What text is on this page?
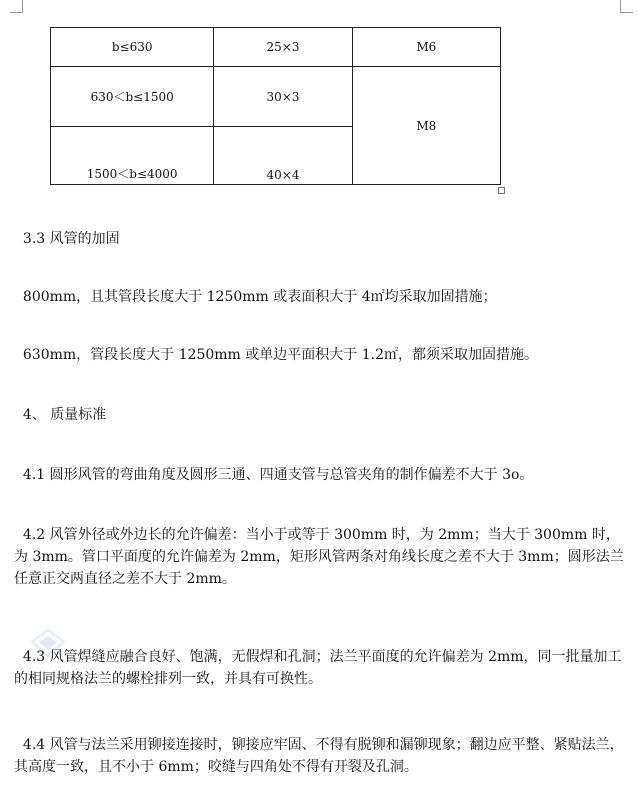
b≤630	25×3	M6
630＜b≤1500	30×3	M8

1500＜b≤4000	40×4	

3.3 风管的加固

800mm，且其管段长度大于 1250mm 或表面积大于 4㎡均采取加固措施；

630mm，管段长度大于 1250mm 或单边平面积大于 1.2㎡，都须采取加固措施。

4、 质量标准

4.1 圆形风管的弯曲角度及圆形三通、四通支管与总管夹角的制作偏差不大于 3o。

4.2 风管外径或外边长的允许偏差：当小于或等于 300mm 时，为 2mm；当大于 300mm 时，为 3mm。管口平面度的允许偏差为 2mm，矩形风管两条对角线长度之差不大于 3mm；圆形法兰任意正交两直径之差不大于 2mm。

4.3 风管焊缝应融合良好、饱满，无假焊和孔洞；法兰平面度的允许偏差为 2mm，同一批量加工的相同规格法兰的螺栓排列一致，并具有可换性。

4.4 风管与法兰采用铆接连接时，铆接应牢固、不得有脱铆和漏铆现象；翻边应平整、紧贴法兰，其高度一致，且不小于 6mm；咬缝与四角处不得有开裂及孔洞。
